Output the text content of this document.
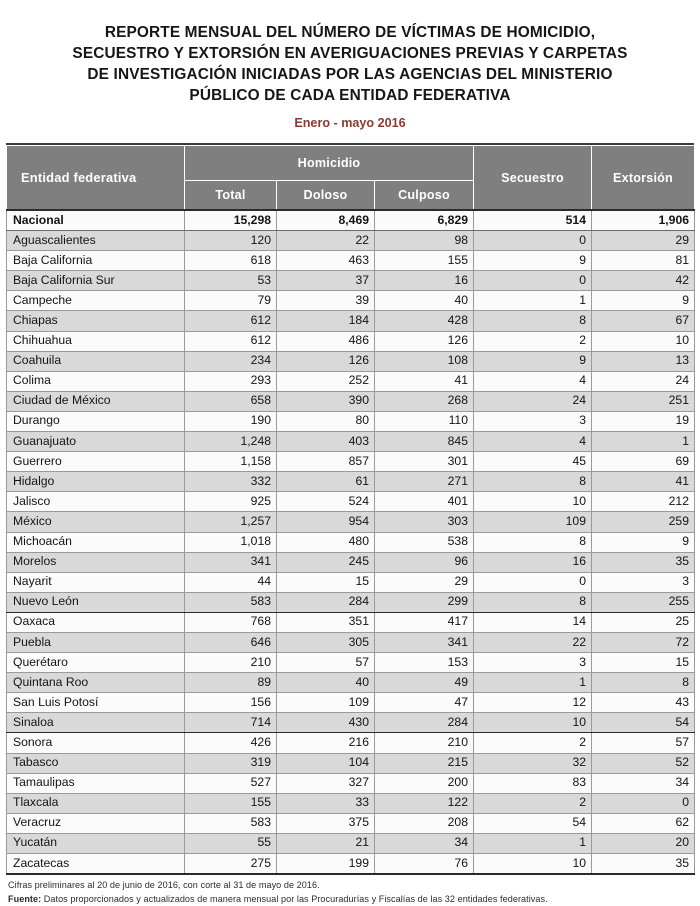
REPORTE MENSUAL DEL NÚMERO DE VÍCTIMAS DE HOMICIDIO,
SECUESTRO Y EXTORSIÓN EN AVERIGUACIONES PREVIAS Y CARPETAS
DE INVESTIGACIÓN INICIADAS POR LAS AGENCIAS DEL MINISTERIO
PÚBLICO DE CADA ENTIDAD FEDERATIVA
Enero - mayo 2016
Entidad federativa	Homicidio			Secuestro	Extorsión
	Total	Doloso	Culposo		
Nacional	15,298	8,469	6,829	514	1,906
Aguascalientes	120	22	98	0	29
Baja California	618	463	155	9	81
Baja California Sur	53	37	16	0	42
Campeche	79	39	40	1	9
Chiapas	612	184	428	8	67
Chihuahua	612	486	126	2	10
Coahuila	234	126	108	9	13
Colima	293	252	41	4	24
Ciudad de México	658	390	268	24	251
Durango	190	80	110	3	19
Guanajuato	1,248	403	845	4	1
Guerrero	1,158	857	301	45	69
Hidalgo	332	61	271	8	41
Jalisco	925	524	401	10	212
México	1,257	954	303	109	259
Michoacán	1,018	480	538	8	9
Morelos	341	245	96	16	35
Nayarit	44	15	29	0	3
Nuevo León	583	284	299	8	255
Oaxaca	768	351	417	14	25
Puebla	646	305	341	22	72
Querétaro	210	57	153	3	15
Quintana Roo	89	40	49	1	8
San Luis Potosí	156	109	47	12	43
Sinaloa	714	430	284	10	54
Sonora	426	216	210	2	57
Tabasco	319	104	215	32	52
Tamaulipas	527	327	200	83	34
Tlaxcala	155	33	122	2	0
Veracruz	583	375	208	54	62
Yucatán	55	21	34	1	20
Zacatecas	275	199	76	10	35
Cifras preliminares al 20 de junio de 2016, con corte al 31 de mayo de 2016.
Fuente: Datos proporcionados y actualizados de manera mensual por las Procuradurías y Fiscalías de las 32 entidades federativas.
